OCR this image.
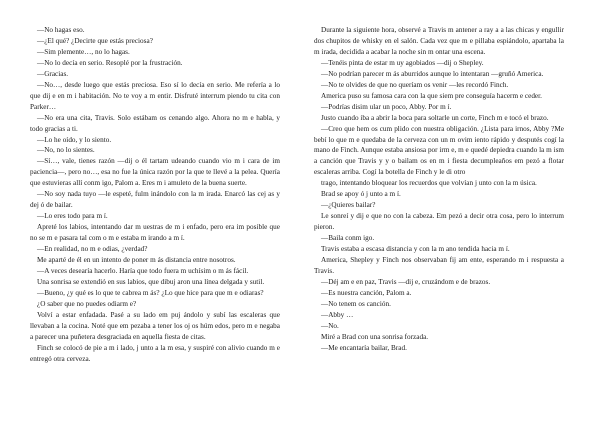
—No hagas eso.

—¿El qué? ¿Decirte que estás preciosa?

—Sim plemente…, no lo hagas.

—No lo decía en serio. Resoplé por la frustración.

—Gracias.

—No…, desde luego que estás preciosa. Eso sí lo decía en serio. Me refería a lo que dij e en m i habitación. No te voy a m entir. Disfruté interrum piendo tu cita con Parker…

—No era una cita, Travis. Solo estábam os cenando algo. Ahora no m e habla, y todo gracias a ti.

—Lo he oído, y lo siento.

—No, no lo sientes.

—Sí…, vale, tienes razón —dij o él tartam udeando cuando vio m i cara de im paciencia—, pero no…, esa no fue la única razón por la que te llevé a la pelea. Quería que estuvieras allí conm igo, Palom a. Eres m i amuleto de la buena suerte.

—No soy nada tuyo —le espeté, fulm inándolo con la m irada. Enarcó las cej as y dej ó de bailar.

—Lo eres todo para m í.

Apreté los labios, intentando dar m uestras de m i enfado, pero era im posible que no se m e pasara tal com o m e estaba m irando a m í.

—En realidad, no m e odias, ¿verdad?

Me aparté de él en un intento de poner m ás distancia entre nosotros.

—A veces desearía hacerlo. Haría que todo fuera m uchísim o m ás fácil.

Una sonrisa se extendió en sus labios, que dibuj aron una línea delgada y sutil.

—Bueno, ¿y qué es lo que te cabrea m ás? ¿Lo que hice para que m e odiaras?

¿O saber que no puedes odiarm e?

Volví a estar enfadada. Pasé a su lado em puj ándolo y subí las escaleras que llevaban a la cocina. Noté que em pezaba a tener los oj os húm edos, pero m e negaba a parecer una puñetera desgraciada en aquella fiesta de citas.

Finch se colocó de pie a m i lado, j unto a la m esa, y suspiré con alivio cuando m e entregó otra cerveza.

Durante la siguiente hora, observé a Travis m antener a ray a a las chicas y engullir dos chupitos de whisky en el salón. Cada vez que m e pillaba espiándolo, apartaba la m irada, decidida a acabar la noche sin m ontar una escena.

—Tenéis pinta de estar m uy agobiados —dij o Shepley.

—No podrían parecer m ás aburridos aunque lo intentaran —gruñó America.

—No te olvides de que no queríam os venir —les recordó Finch.

America puso su famosa cara con la que siem pre conseguía hacerm e ceder.

—Podrías disim ular un poco, Abby. Por m í.

Justo cuando iba a abrir la boca para soltarle un corte, Finch m e tocó el brazo.

—Creo que hem os cum plido con nuestra obligación. ¿Lista para irnos, Abby ?Me bebí lo que m e quedaba de la cerveza con un m ovim iento rápido y desputés cogí la mano de Finch. Aunque estaba ansiosa por irm e, m e quedé depiedra cuando la m ism a canción que Travis y y o bailam os en m i fiesta decumpleaños em pezó a flotar escaleras arriba. Cogí la botella de Finch y le di otro

trago, intentando bloquear los recuerdos que volvían j unto con la m úsica.

Brad se apoy ó j unto a m í.

—¿Quieres bailar?

Le sonreí y dij e que no con la cabeza. Em pezó a decir otra cosa, pero lo interrum pieron.

—Baila conm igo.

Travis estaba a escasa distancia y con la m ano tendida hacia m í.

America, Shepley y Finch nos observaban fij am ente, esperando m i respuesta a Travis.

—Déj am e en paz, Travis —dij e, cruzándom e de brazos.

—Es nuestra canción, Palom a.

—No tenem os canción.

—Abby …

—No.

Miré a Brad con una sonrisa forzada.

—Me encantaría bailar, Brad.
